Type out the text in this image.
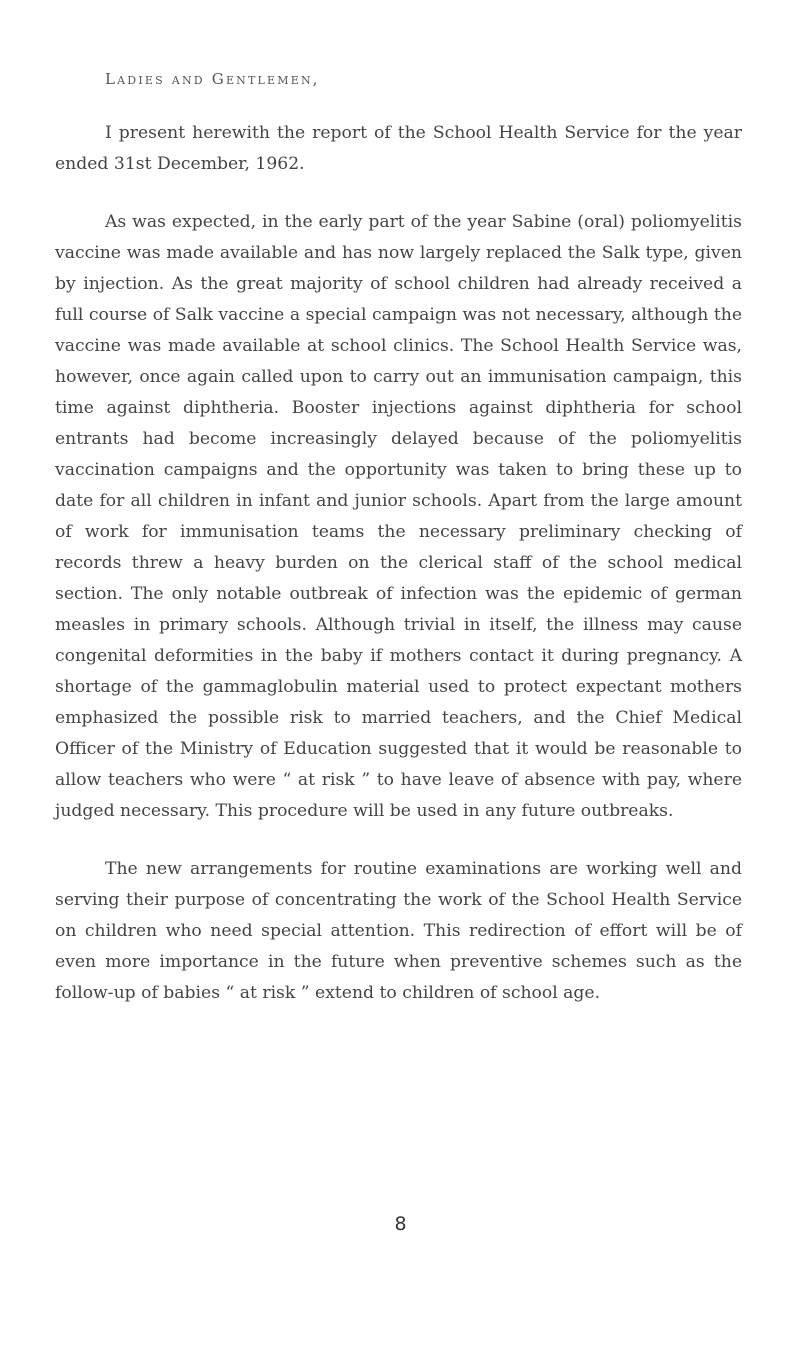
Ladies and Gentlemen,

I present herewith the report of the School Health Service for the year ended 31st December, 1962.

As was expected, in the early part of the year Sabine (oral) poliomyelitis vaccine was made available and has now largely replaced the Salk type, given by injection. As the great majority of school children had already received a full course of Salk vaccine a special campaign was not necessary, although the vaccine was made available at school clinics. The School Health Service was, however, once again called upon to carry out an immunisation campaign, this time against diphtheria. Booster injections against diphtheria for school entrants had become increasingly delayed because of the poliomyelitis vaccination campaigns and the opportunity was taken to bring these up to date for all children in infant and junior schools. Apart from the large amount of work for immunisation teams the necessary preliminary checking of records threw a heavy burden on the clerical staff of the school medical section. The only notable outbreak of infection was the epidemic of german measles in primary schools. Although trivial in itself, the illness may cause congenital deformities in the baby if mothers contact it during pregnancy. A shortage of the gammaglobulin material used to protect expectant mothers emphasized the possible risk to married teachers, and the Chief Medical Officer of the Ministry of Education suggested that it would be reasonable to allow teachers who were “ at risk ” to have leave of absence with pay, where judged necessary. This procedure will be used in any future outbreaks.

The new arrangements for routine examinations are working well and serving their purpose of concentrating the work of the School Health Service on children who need special attention. This redirection of effort will be of even more importance in the future when preventive schemes such as the follow-up of babies “ at risk ” extend to children of school age.

8
